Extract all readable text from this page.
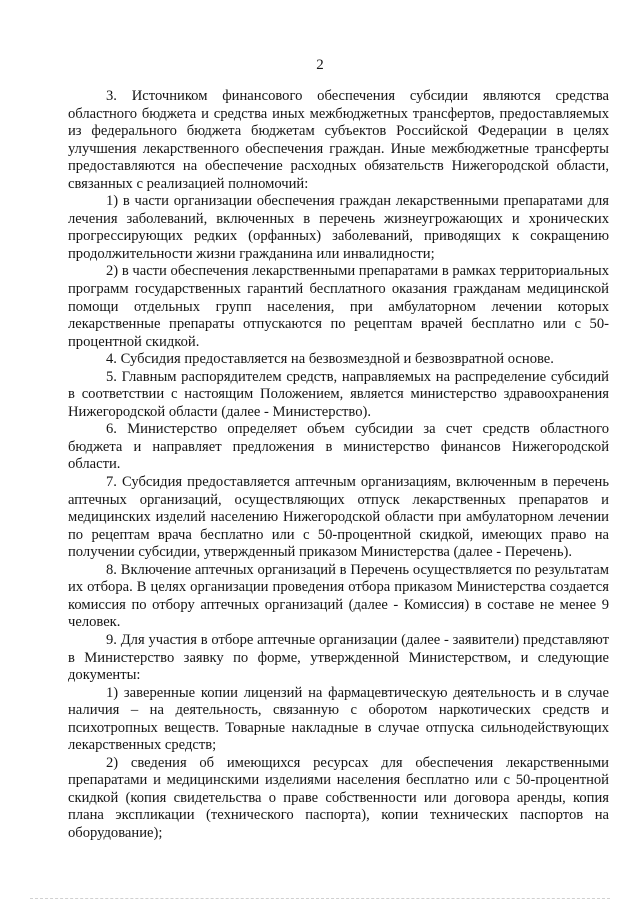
2

3. Источником финансового обеспечения субсидии являются средства областного бюджета и средства иных межбюджетных трансфертов, предоставляемых из федерального бюджета бюджетам субъектов Российской Федерации в целях улучшения лекарственного обеспечения граждан. Иные межбюджетные трансферты предоставляются на обеспечение расходных обязательств Нижегородской области, связанных с реализацией полномочий:

1) в части организации обеспечения граждан лекарственными препаратами для лечения заболеваний, включенных в перечень жизнеугрожающих и хронических прогрессирующих редких (орфанных) заболеваний, приводящих к сокращению продолжительности жизни гражданина или инвалидности;

2) в части обеспечения лекарственными препаратами в рамках территориальных программ государственных гарантий бесплатного оказания гражданам медицинской помощи отдельных групп населения, при амбулаторном лечении которых лекарственные препараты отпускаются по рецептам врачей бесплатно или с 50-процентной скидкой.

4. Субсидия предоставляется на безвозмездной и безвозвратной основе.

5. Главным распорядителем средств, направляемых на распределение субсидий в соответствии с настоящим Положением, является министерство здравоохранения Нижегородской области (далее - Министерство).

6. Министерство определяет объем субсидии за счет средств областного бюджета и направляет предложения в министерство финансов Нижегородской области.

7. Субсидия предоставляется аптечным организациям, включенным в перечень аптечных организаций, осуществляющих отпуск лекарственных препаратов и медицинских изделий населению Нижегородской области при амбулаторном лечении по рецептам врача бесплатно или с 50-процентной скидкой, имеющих право на получении субсидии, утвержденный приказом Министерства (далее - Перечень).

8. Включение аптечных организаций в Перечень осуществляется по результатам их отбора. В целях организации проведения отбора приказом Министерства создается комиссия по отбору аптечных организаций (далее - Комиссия) в составе не менее 9 человек.

9. Для участия в отборе аптечные организации (далее - заявители) представляют в Министерство заявку по форме, утвержденной Министерством, и следующие документы:

1) заверенные копии лицензий на фармацевтическую деятельность и в случае наличия – на деятельность, связанную с оборотом наркотических средств и психотропных веществ. Товарные накладные в случае отпуска сильнодействующих лекарственных средств;

2) сведения об имеющихся ресурсах для обеспечения лекарственными препаратами и медицинскими изделиями населения бесплатно или с 50-процентной скидкой (копия свидетельства о праве собственности или договора аренды, копия плана экспликации (технического паспорта), копии технических паспортов на оборудование);
